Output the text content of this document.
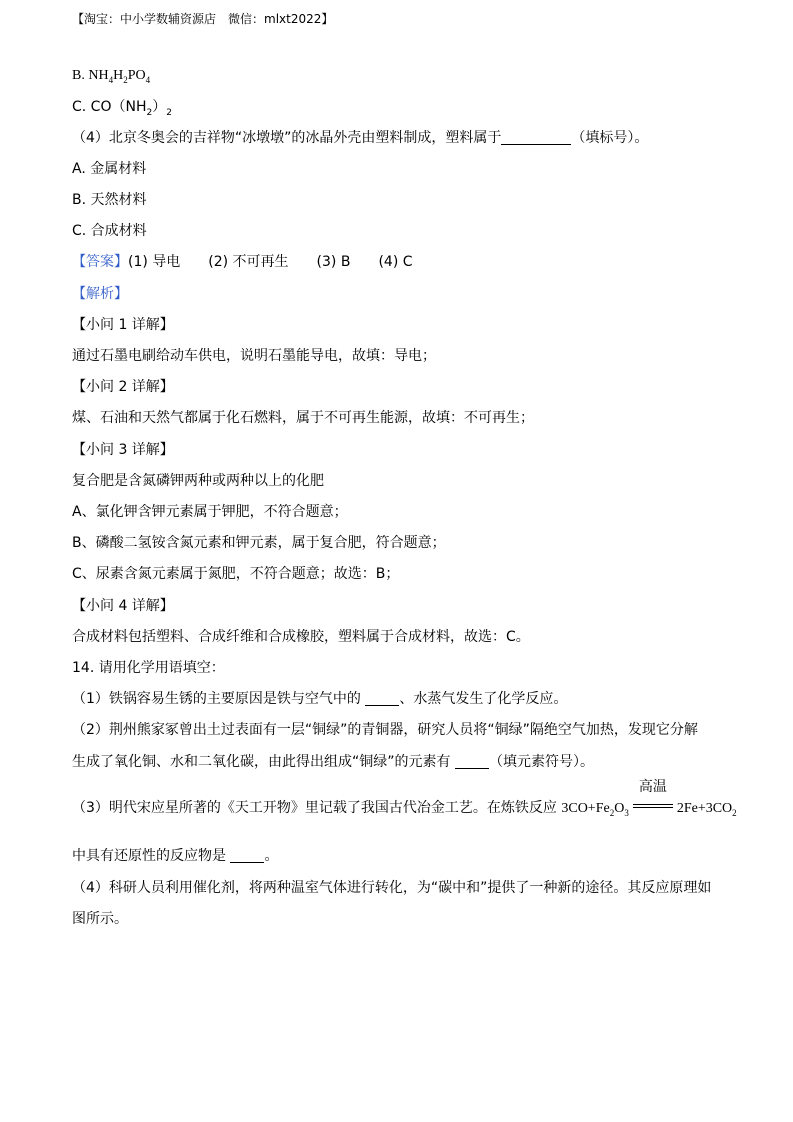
【淘宝：中小学数辅资源店　微信：mlxt2022】
B. $NH_4H_2PO_4$
C. $CO(NH_2)_2$
（4）北京冬奥会的吉祥物“冰墩墩”的冰晶外壳由塑料制成，塑料属于	（填标号）。
A. 金属材料
B. 天然材料
C. 合成材料
【答案】(1) 导电　　(2) 不可再生　　(3) B　　(4) C
【解析】
【小问 1 详解】
通过石墨电刷给动车供电，说明石墨能导电，故填：导电；
【小问 2 详解】
煤、石油和天然气都属于化石燃料，属于不可再生能源，故填：不可再生；
【小问 3 详解】
复合肥是含氮磷钾两种或两种以上的化肥
A、氯化钾含钾元素属于钾肥，不符合题意；
B、磷酸二氢铵含氮元素和钾元素，属于复合肥，符合题意；
C、尿素含氮元素属于氮肥，不符合题意；故选：B；
【小问 4 详解】
合成材料包括塑料、合成纤维和合成橡胶，塑料属于合成材料，故选：C。
14. 请用化学用语填空：
（1）铁锅容易生锈的主要原因是铁与空气中的 、水蒸气发生了化学反应。
（2）荆州熊家冢曾出土过表面有一层“铜绿”的青铜器，研究人员将“铜绿”隔绝空气加热，发现它分解
生成了氧化铜、水和二氧化碳，由此得出组成“铜绿”的元素有 （填元素符号）。
（3）明代宋应星所著的《天工开物》里记载了我国古代冶金工艺。在炼铁反应 $3CO+Fe_2O_3$
高温
$2Fe+3CO_2$
中具有还原性的反应物是 。
（4）科研人员利用催化剂，将两种温室气体进行转化，为“碳中和”提供了一种新的途径。其反应原理如
图所示。
